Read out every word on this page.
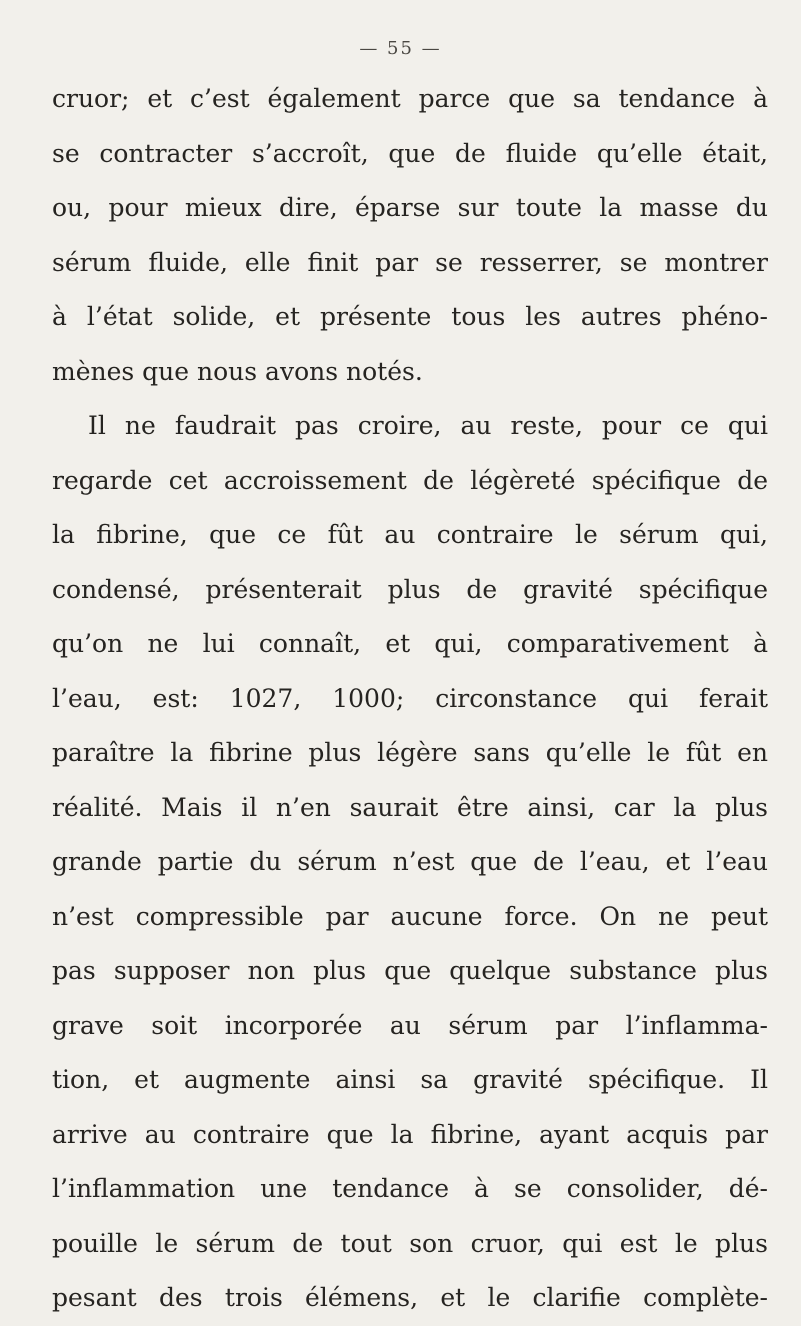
— 55 —
cruor; et c’est également parce que sa tendance à
se contracter s’accroît, que de fluide qu’elle était,
ou, pour mieux dire, éparse sur toute la masse du
sérum fluide, elle finit par se resserrer, se montrer
à l’état solide, et présente tous les autres phéno-
mènes que nous avons notés.
Il ne faudrait pas croire, au reste, pour ce qui
regarde cet accroissement de légèreté spécifique de
la fibrine, que ce fût au contraire le sérum qui,
condensé, présenterait plus de gravité spécifique
qu’on ne lui connaît, et qui, comparativement à
l’eau, est: 1027, 1000; circonstance qui ferait
paraître la fibrine plus légère sans qu’elle le fût en
réalité. Mais il n’en saurait être ainsi, car la plus
grande partie du sérum n’est que de l’eau, et l’eau
n’est compressible par aucune force. On ne peut
pas supposer non plus que quelque substance plus
grave soit incorporée au sérum par l’inflamma-
tion, et augmente ainsi sa gravité spécifique. Il
arrive au contraire que la fibrine, ayant acquis par
l’inflammation une tendance à se consolider, dé-
pouille le sérum de tout son cruor, qui est le plus
pesant des trois élémens, et le clarifie complète-
